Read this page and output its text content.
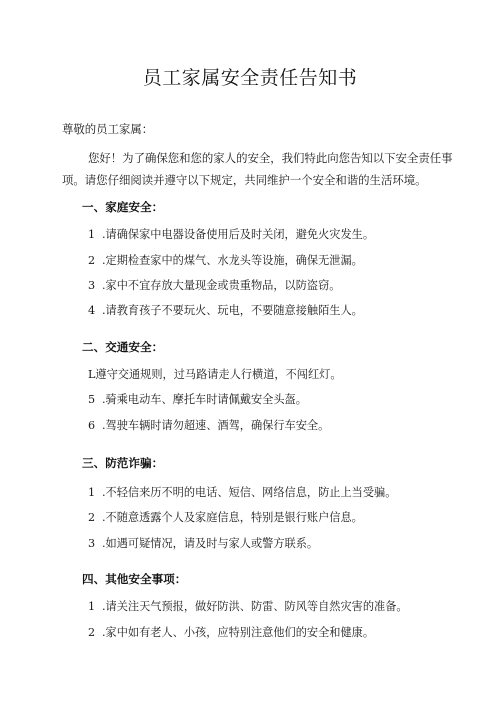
员工家属安全责任告知书
尊敬的员工家属：
您好！为了确保您和您的家人的安全，我们特此向您告知以下安全责任事
项。请您仔细阅读并遵守以下规定，共同维护一个安全和谐的生活环境。
一、家庭安全：
1 .请确保家中电器设备使用后及时关闭，避免火灾发生。
2 .定期检查家中的煤气、水龙头等设施，确保无泄漏。
3 .家中不宜存放大量现金或贵重物品，以防盗窃。
4 .请教育孩子不要玩火、玩电，不要随意接触陌生人。
二、交通安全：
L遵守交通规则，过马路请走人行横道，不闯红灯。
5 .骑乘电动车、摩托车时请佩戴安全头盔。
6 .驾驶车辆时请勿超速、酒驾，确保行车安全。
三、防范诈骗：
1 .不轻信来历不明的电话、短信、网络信息，防止上当受骗。
2 .不随意透露个人及家庭信息，特别是银行账户信息。
3 .如遇可疑情况，请及时与家人或警方联系。
四、其他安全事项：
1 .请关注天气预报，做好防洪、防雷、防风等自然灾害的准备。
2 .家中如有老人、小孩，应特别注意他们的安全和健康。
